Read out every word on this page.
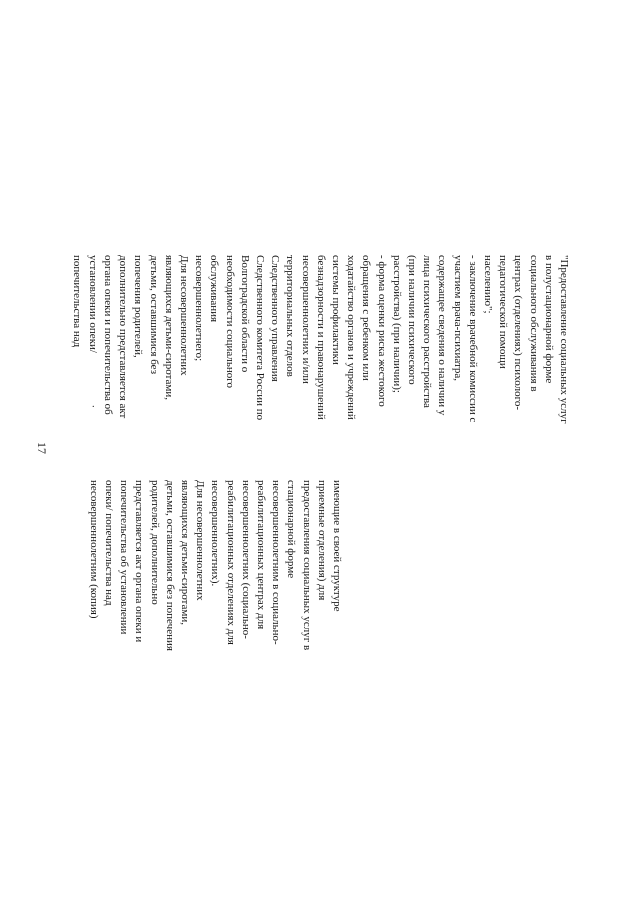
17
.
имеющие в своей структуре
приемные отделения) для
предоставления социальных услуг в
стационарной форме
несовершеннолетним в социально-
реабилитационных центрах для
несовершеннолетних (социально-
реабилитационных отделениях для
несовершеннолетних).
Для несовершеннолетних
являющихся детьми-сиротами,
детьми, оставшимися без попечения
родителей, дополнительно
представляется акт органа опеки и
попечительства об установлении
опеки/ попечительства над
несовершеннолетним (копия)
"Предоставление социальных услуг
в полустационарной форме
социального обслуживания в
центрах (отделениях) психолого-
педагогической помощи
населению";
- заключение врачебной комиссии с
участием врача-психиатра,
содержащее сведения о наличии у
лица психического расстройства
(при наличии психического
расстройства) (при наличии);
- форма оценки риска жестокого
обращения с ребенком или
ходатайство органов и учреждений
системы профилактики
безнадзорности и правонарушений
несовершеннолетних и/или
территориальных отделов
Следственного управления
Следственного комитета России по
Волгоградской области о
необходимости социального
обслуживания
несовершеннолетнего;
Для несовершеннолетних
являющихся детьми-сиротами,
детьми, оставшимися без
попечения родителей,
дополнительно представляется акт
органа опеки и попечительства об
установлении опеки/
попечительства над
